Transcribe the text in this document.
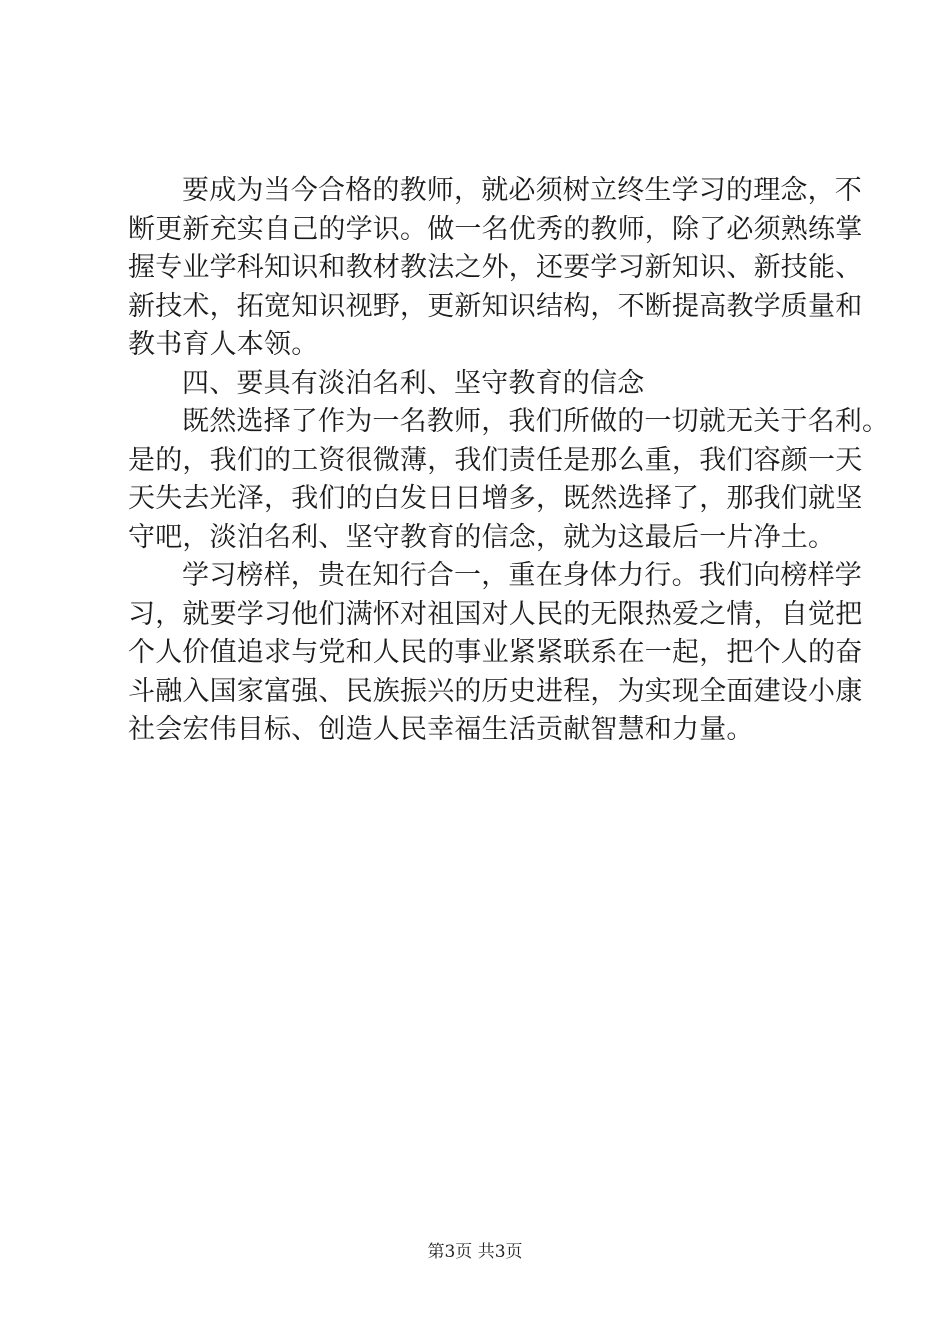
要成为当今合格的教师，就必须树立终生学习的理念，不
断更新充实自己的学识。做一名优秀的教师，除了必须熟练掌
握专业学科知识和教材教法之外，还要学习新知识、新技能、
新技术，拓宽知识视野，更新知识结构，不断提高教学质量和
教书育人本领。
四、要具有淡泊名利、坚守教育的信念
既然选择了作为一名教师，我们所做的一切就无关于名利。
是的，我们的工资很微薄，我们责任是那么重，我们容颜一天
天失去光泽，我们的白发日日增多，既然选择了，那我们就坚
守吧，淡泊名利、坚守教育的信念，就为这最后一片净土。
学习榜样，贵在知行合一，重在身体力行。我们向榜样学
习，就要学习他们满怀对祖国对人民的无限热爱之情，自觉把
个人价值追求与党和人民的事业紧紧联系在一起，把个人的奋
斗融入国家富强、民族振兴的历史进程，为实现全面建设小康
社会宏伟目标、创造人民幸福生活贡献智慧和力量。
第3页 共3页
